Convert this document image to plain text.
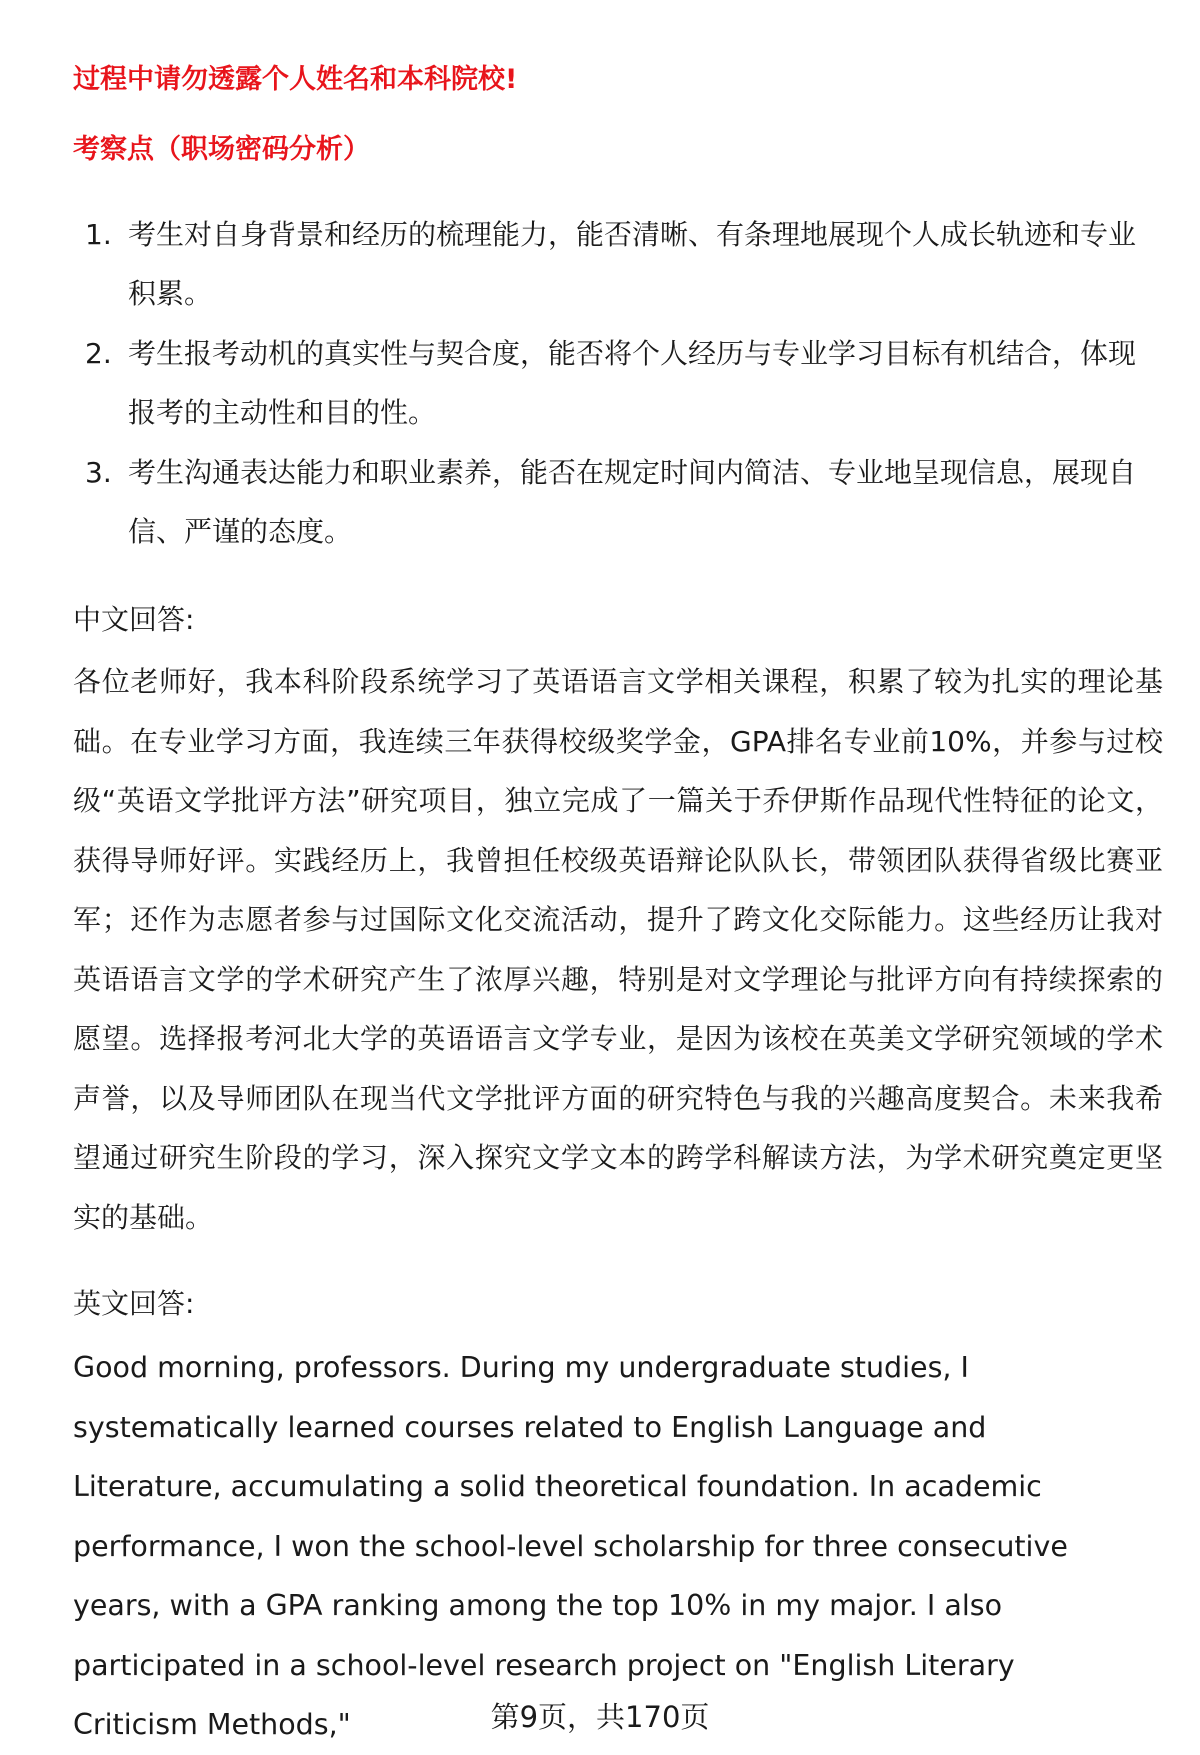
过程中请勿透露个人姓名和本科院校!

考察点（职场密码分析）

1. 考生对自身背景和经历的梳理能力，能否清晰、有条理地展现个人成长轨迹和专业积累。
2. 考生报考动机的真实性与契合度，能否将个人经历与专业学习目标有机结合，体现报考的主动性和目的性。
3. 考生沟通表达能力和职业素养，能否在规定时间内简洁、专业地呈现信息，展现自信、严谨的态度。

中文回答:

各位老师好，我本科阶段系统学习了英语语言文学相关课程，积累了较为扎实的理论基础。在专业学习方面，我连续三年获得校级奖学金，GPA排名专业前10%，并参与过校级“英语文学批评方法”研究项目，独立完成了一篇关于乔伊斯作品现代性特征的论文，获得导师好评。实践经历上，我曾担任校级英语辩论队队长，带领团队获得省级比赛亚军；还作为志愿者参与过国际文化交流活动，提升了跨文化交际能力。这些经历让我对英语语言文学的学术研究产生了浓厚兴趣，特别是对文学理论与批评方向有持续探索的愿望。选择报考河北大学的英语语言文学专业，是因为该校在英美文学研究领域的学术声誉，以及导师团队在现当代文学批评方面的研究特色与我的兴趣高度契合。未来我希望通过研究生阶段的学习，深入探究文学文本的跨学科解读方法，为学术研究奠定更坚实的基础。

英文回答:

Good morning, professors. During my undergraduate studies, I systematically learned courses related to English Language and Literature, accumulating a solid theoretical foundation. In academic performance, I won the school-level scholarship for three consecutive years, with a GPA ranking among the top 10% in my major. I also participated in a school-level research project on "English Literary Criticism Methods,"	第9页，共170页
